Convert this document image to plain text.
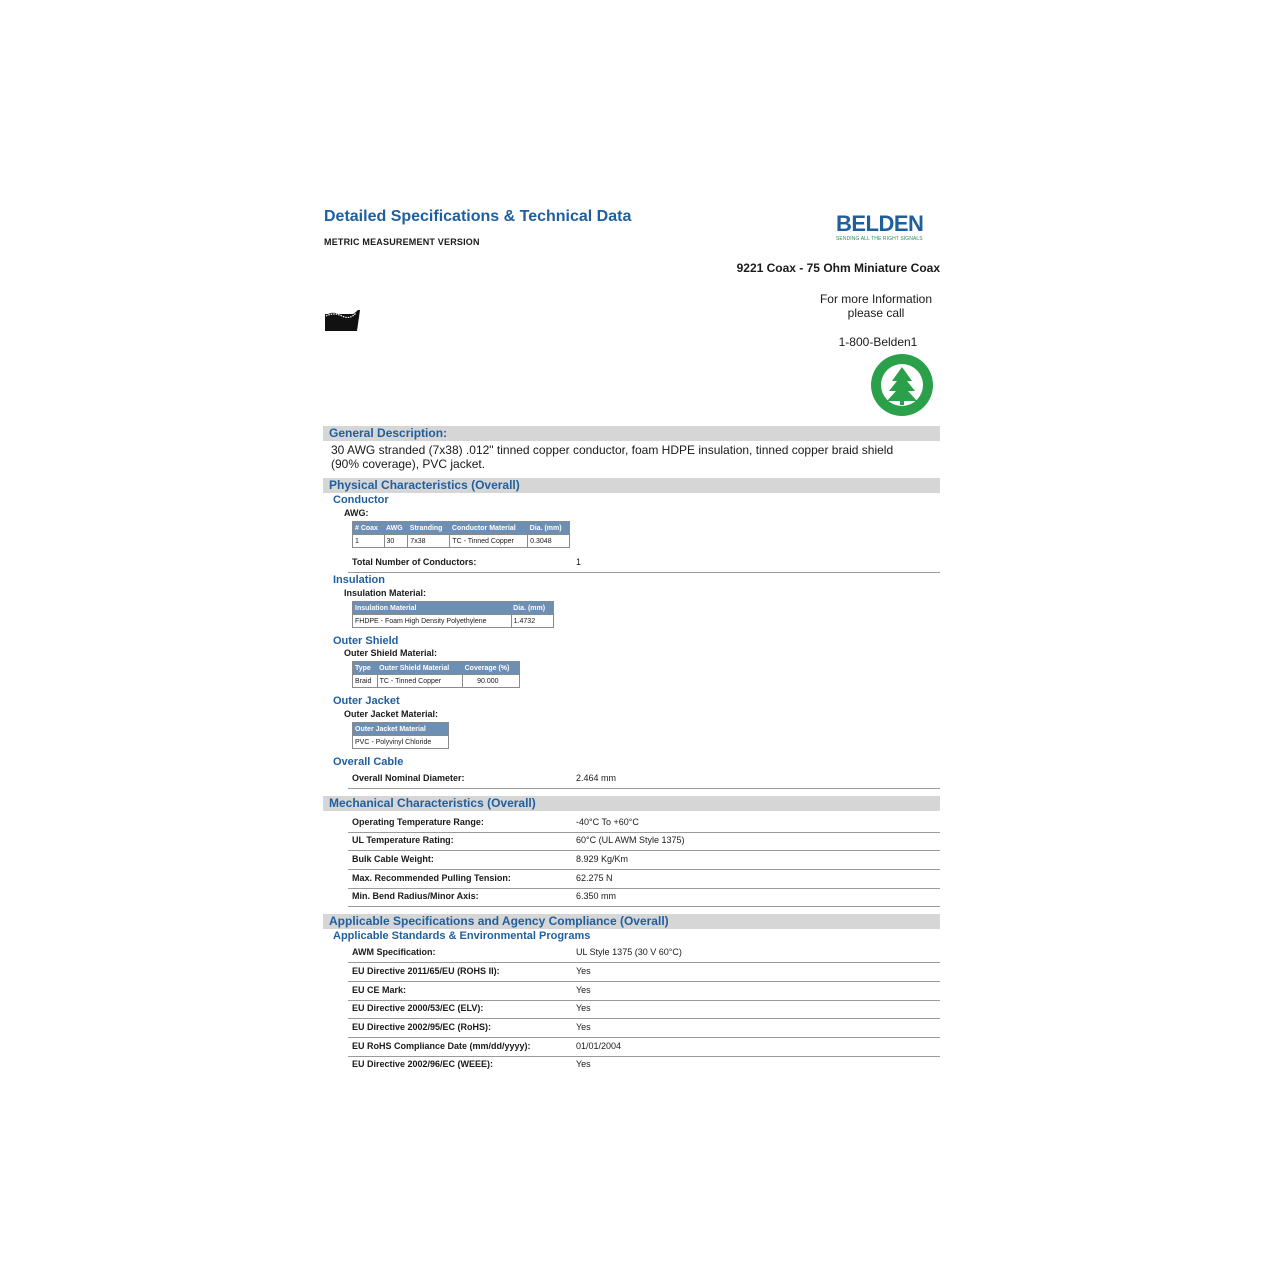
Detailed Specifications & Technical Data
METRIC MEASUREMENT VERSION
BELDEN
SENDING ALL THE RIGHT SIGNALS
9221 Coax - 75 Ohm Miniature Coax
For more Information
please call
1-800-Belden1
General Description:
30 AWG stranded (7x38) .012" tinned copper conductor, foam HDPE insulation, tinned copper braid shield
(90% coverage), PVC jacket.
Physical Characteristics (Overall)
Conductor
AWG:
# Coax	AWG	Stranding	Conductor Material	Dia. (mm)
1	30	7x38	TC - Tinned Copper	0.3048
Total Number of Conductors:	1
Insulation
Insulation Material:
Insulation Material	Dia. (mm)
FHDPE - Foam High Density Polyethylene	1.4732
Outer Shield
Outer Shield Material:
Type	Outer Shield Material	Coverage (%)
Braid	TC - Tinned Copper	90.000
Outer Jacket
Outer Jacket Material:
Outer Jacket Material
PVC - Polyvinyl Chloride
Overall Cable
Overall Nominal Diameter:	2.464 mm
Mechanical Characteristics (Overall)
Operating Temperature Range:	-40°C To +60°C
UL Temperature Rating:	60°C (UL AWM Style 1375)
Bulk Cable Weight:	8.929 Kg/Km
Max. Recommended Pulling Tension:	62.275 N
Min. Bend Radius/Minor Axis:	6.350 mm
Applicable Specifications and Agency Compliance (Overall)
Applicable Standards & Environmental Programs
AWM Specification:	UL Style 1375 (30 V 60°C)
EU Directive 2011/65/EU (ROHS II):	Yes
EU CE Mark:	Yes
EU Directive 2000/53/EC (ELV):	Yes
EU Directive 2002/95/EC (RoHS):	Yes
EU RoHS Compliance Date (mm/dd/yyyy):	01/01/2004
EU Directive 2002/96/EC (WEEE):	Yes
